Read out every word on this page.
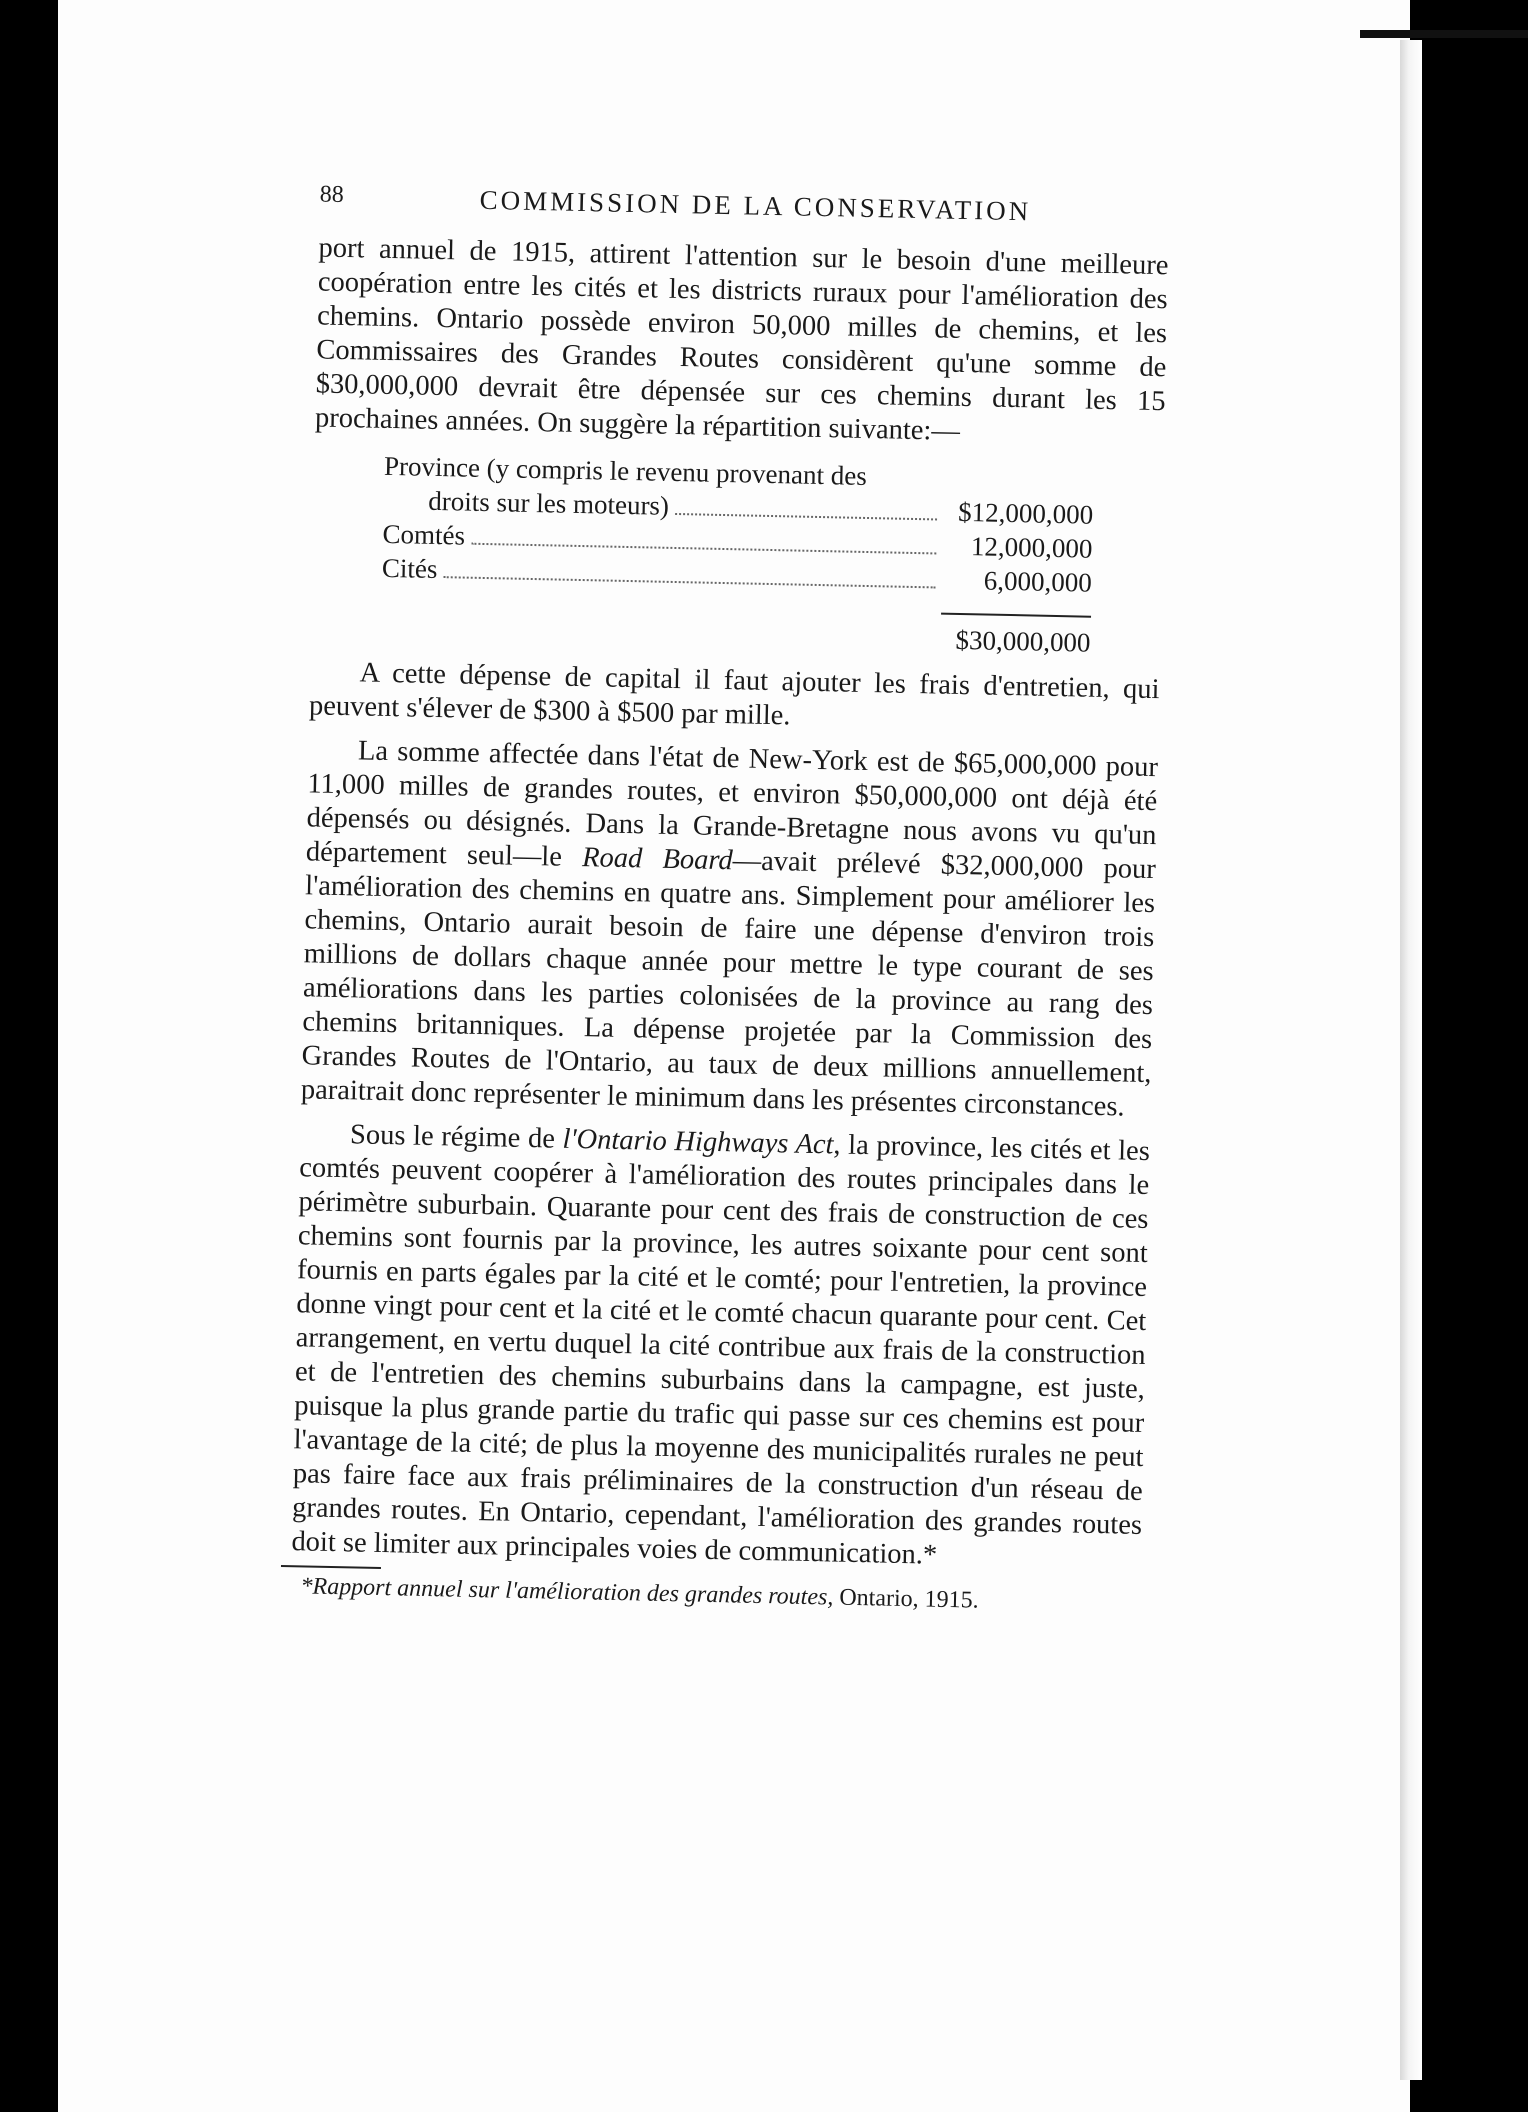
88	COMMISSION DE LA CONSERVATION

port annuel de 1915, attirent l'attention sur le besoin d'une meilleure coopération entre les cités et les districts ruraux pour l'amélioration des chemins. Ontario possède environ 50,000 milles de chemins, et les Commissaires des Grandes Routes considèrent qu'une somme de $30,000,000 devrait être dépensée sur ces chemins durant les 15 prochaines années. On suggère la répartition suivante:—

Province (y compris le revenu provenant des
droits sur les moteurs)	$12,000,000
Comtés	12,000,000
Cités	6,000,000
$30,000,000

A cette dépense de capital il faut ajouter les frais d'entretien, qui peuvent s'élever de $300 à $500 par mille.

La somme affectée dans l'état de New-York est de $65,000,000 pour 11,000 milles de grandes routes, et environ $50,000,000 ont déjà été dépensés ou désignés. Dans la Grande-Bretagne nous avons vu qu'un département seul—le Road Board—avait prélevé $32,000,000 pour l'amélioration des chemins en quatre ans. Simplement pour améliorer les chemins, Ontario aurait besoin de faire une dépense d'environ trois millions de dollars chaque année pour mettre le type courant de ses améliorations dans les parties colonisées de la province au rang des chemins britanniques. La dépense projetée par la Commission des Grandes Routes de l'Ontario, au taux de deux millions annuellement, paraitrait donc représenter le minimum dans les présentes circonstances.

Sous le régime de l'Ontario Highways Act, la province, les cités et les comtés peuvent coopérer à l'amélioration des routes principales dans le périmètre suburbain. Quarante pour cent des frais de construction de ces chemins sont fournis par la province, les autres soixante pour cent sont fournis en parts égales par la cité et le comté; pour l'entretien, la province donne vingt pour cent et la cité et le comté chacun quarante pour cent. Cet arrangement, en vertu duquel la cité contribue aux frais de la construction et de l'entretien des chemins suburbains dans la campagne, est juste, puisque la plus grande partie du trafic qui passe sur ces chemins est pour l'avantage de la cité; de plus la moyenne des municipalités rurales ne peut pas faire face aux frais préliminaires de la construction d'un réseau de grandes routes. En Ontario, cependant, l'amélioration des grandes routes doit se limiter aux principales voies de communication.*

*Rapport annuel sur l'amélioration des grandes routes, Ontario, 1915.
